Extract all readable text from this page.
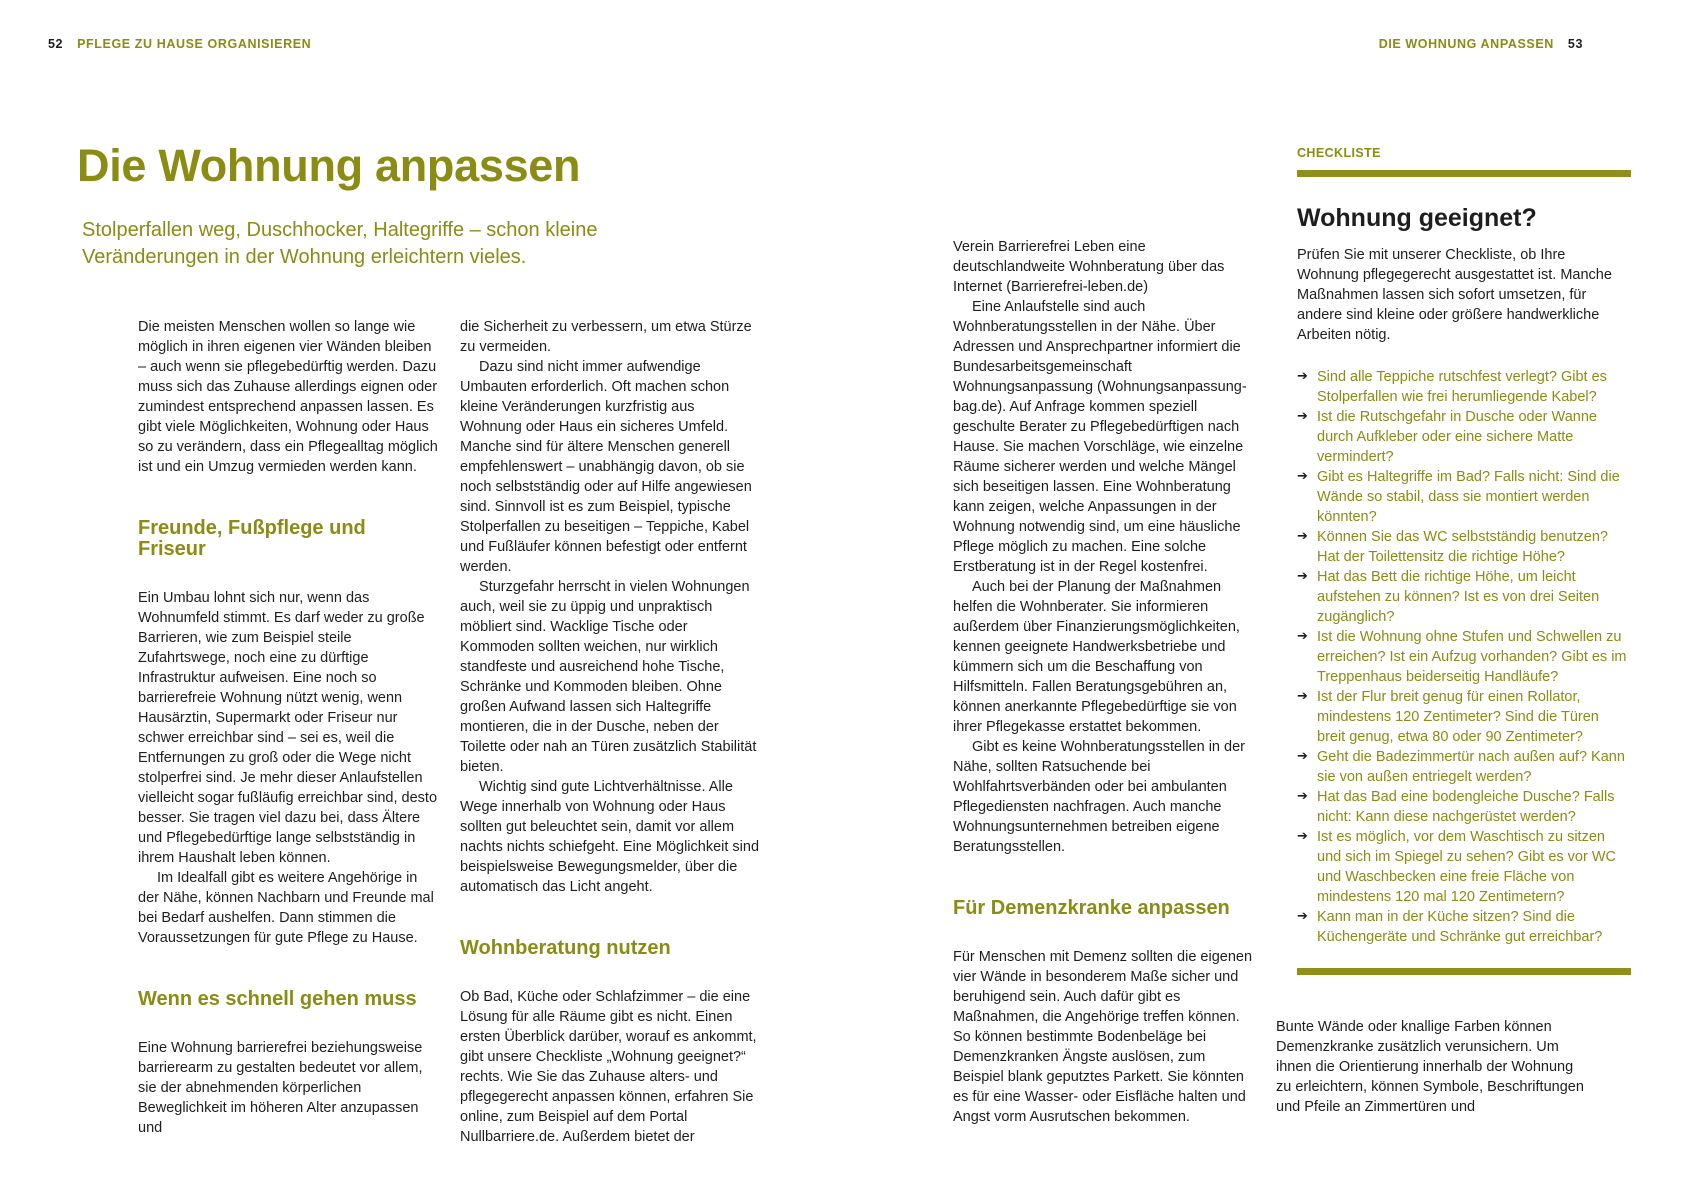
52 PFLEGE ZU HAUSE ORGANISIEREN	DIE WOHNUNG ANPASSEN 53
Die Wohnung anpassen

Stolperfallen weg, Duschhocker, Haltegriffe – schon kleine Veränderungen in der Wohnung erleichtern vieles.

Die meisten Menschen wollen so lange wie möglich in ihren eigenen vier Wänden bleiben – auch wenn sie pflegebedürftig werden. Dazu muss sich das Zuhause allerdings eignen oder zumindest entsprechend anpassen lassen. Es gibt viele Möglichkeiten, Wohnung oder Haus so zu verändern, dass ein Pflegealltag möglich ist und ein Umzug vermieden werden kann.

Freunde, Fußpflege und Friseur

Ein Umbau lohnt sich nur, wenn das Wohnumfeld stimmt. Es darf weder zu große Barrieren, wie zum Beispiel steile Zufahrtswege, noch eine zu dürftige Infrastruktur aufweisen. Eine noch so barrierefreie Wohnung nützt wenig, wenn Hausärztin, Supermarkt oder Friseur nur schwer erreichbar sind – sei es, weil die Entfernungen zu groß oder die Wege nicht stolperfrei sind. Je mehr dieser Anlaufstellen vielleicht sogar fußläufig erreichbar sind, desto besser. Sie tragen viel dazu bei, dass Ältere und Pflegebedürftige lange selbstständig in ihrem Haushalt leben können.

Im Idealfall gibt es weitere Angehörige in der Nähe, können Nachbarn und Freunde mal bei Bedarf aushelfen. Dann stimmen die Voraussetzungen für gute Pflege zu Hause.

Wenn es schnell gehen muss

Eine Wohnung barrierefrei beziehungsweise barrierearm zu gestalten bedeutet vor allem, sie der abnehmenden körperlichen Beweglichkeit im höheren Alter anzupassen und

die Sicherheit zu verbessern, um etwa Stürze zu vermeiden.

Dazu sind nicht immer aufwendige Umbauten erforderlich. Oft machen schon kleine Veränderungen kurzfristig aus Wohnung oder Haus ein sicheres Umfeld. Manche sind für ältere Menschen generell empfehlenswert – unabhängig davon, ob sie noch selbstständig oder auf Hilfe angewiesen sind. Sinnvoll ist es zum Beispiel, typische Stolperfallen zu beseitigen – Teppiche, Kabel und Fußläufer können befestigt oder entfernt werden.

Sturzgefahr herrscht in vielen Wohnungen auch, weil sie zu üppig und unpraktisch möbliert sind. Wacklige Tische oder Kommoden sollten weichen, nur wirklich standfeste und ausreichend hohe Tische, Schränke und Kommoden bleiben. Ohne großen Aufwand lassen sich Haltegriffe montieren, die in der Dusche, neben der Toilette oder nah an Türen zusätzlich Stabilität bieten.

Wichtig sind gute Lichtverhältnisse. Alle Wege innerhalb von Wohnung oder Haus sollten gut beleuchtet sein, damit vor allem nachts nichts schiefgeht. Eine Möglichkeit sind beispielsweise Bewegungsmelder, über die automatisch das Licht angeht.

Wohnberatung nutzen

Ob Bad, Küche oder Schlafzimmer – die eine Lösung für alle Räume gibt es nicht. Einen ersten Überblick darüber, worauf es ankommt, gibt unsere Checkliste „Wohnung geeignet?“ rechts. Wie Sie das Zuhause alters- und pflegegerecht anpassen können, erfahren Sie online, zum Beispiel auf dem Portal Nullbarriere.de. Außerdem bietet der

Verein Barrierefrei Leben eine deutschlandweite Wohnberatung über das Internet (Barrierefrei-leben.de)

Eine Anlaufstelle sind auch Wohnberatungsstellen in der Nähe. Über Adressen und Ansprechpartner informiert die Bundesarbeitsgemeinschaft Wohnungsanpassung (Wohnungsanpassung-bag.de). Auf Anfrage kommen speziell geschulte Berater zu Pflegebedürftigen nach Hause. Sie machen Vorschläge, wie einzelne Räume sicherer werden und welche Mängel sich beseitigen lassen. Eine Wohnberatung kann zeigen, welche Anpassungen in der Wohnung notwendig sind, um eine häusliche Pflege möglich zu machen. Eine solche Erstberatung ist in der Regel kostenfrei.

Auch bei der Planung der Maßnahmen helfen die Wohnberater. Sie informieren außerdem über Finanzierungsmöglichkeiten, kennen geeignete Handwerksbetriebe und kümmern sich um die Beschaffung von Hilfsmitteln. Fallen Beratungsgebühren an, können anerkannte Pflegebedürftige sie von ihrer Pflegekasse erstattet bekommen.

Gibt es keine Wohnberatungsstellen in der Nähe, sollten Ratsuchende bei Wohlfahrtsverbänden oder bei ambulanten Pflegediensten nachfragen. Auch manche Wohnungsunternehmen betreiben eigene Beratungsstellen.

Für Demenzkranke anpassen

Für Menschen mit Demenz sollten die eigenen vier Wände in besonderem Maße sicher und beruhigend sein. Auch dafür gibt es Maßnahmen, die Angehörige treffen können. So können bestimmte Bodenbeläge bei Demenzkranken Ängste auslösen, zum Beispiel blank geputztes Parkett. Sie könnten es für eine Wasser- oder Eisfläche halten und Angst vorm Ausrutschen bekommen.

Bunte Wände oder knallige Farben können Demenzkranke zusätzlich verunsichern. Um ihnen die Orientierung innerhalb der Wohnung zu erleichtern, können Symbole, Beschriftungen und Pfeile an Zimmertüren und

CHECKLISTE
Wohnung geeignet?

Prüfen Sie mit unserer Checkliste, ob Ihre Wohnung pflegegerecht ausgestattet ist. Manche Maßnahmen lassen sich sofort umsetzen, für andere sind kleine oder größere handwerkliche Arbeiten nötig.

➔ Sind alle Teppiche rutschfest verlegt? Gibt es Stolperfallen wie frei herumliegende Kabel?
➔ Ist die Rutschgefahr in Dusche oder Wanne durch Aufkleber oder eine sichere Matte vermindert?
➔ Gibt es Haltegriffe im Bad? Falls nicht: Sind die Wände so stabil, dass sie montiert werden könnten?
➔ Können Sie das WC selbstständig benutzen? Hat der Toilettensitz die richtige Höhe?
➔ Hat das Bett die richtige Höhe, um leicht aufstehen zu können? Ist es von drei Seiten zugänglich?
➔ Ist die Wohnung ohne Stufen und Schwellen zu erreichen? Ist ein Aufzug vorhanden? Gibt es im Treppenhaus beiderseitig Handläufe?
➔ Ist der Flur breit genug für einen Rollator, mindestens 120 Zentimeter? Sind die Türen breit genug, etwa 80 oder 90 Zentimeter?
➔ Geht die Badezimmertür nach außen auf? Kann sie von außen entriegelt werden?
➔ Hat das Bad eine bodengleiche Dusche? Falls nicht: Kann diese nachgerüstet werden?
➔ Ist es möglich, vor dem Waschtisch zu sitzen und sich im Spiegel zu sehen? Gibt es vor WC und Waschbecken eine freie Fläche von mindestens 120 mal 120 Zentimetern?
➔ Kann man in der Küche sitzen? Sind die Küchengeräte und Schränke gut erreichbar?
